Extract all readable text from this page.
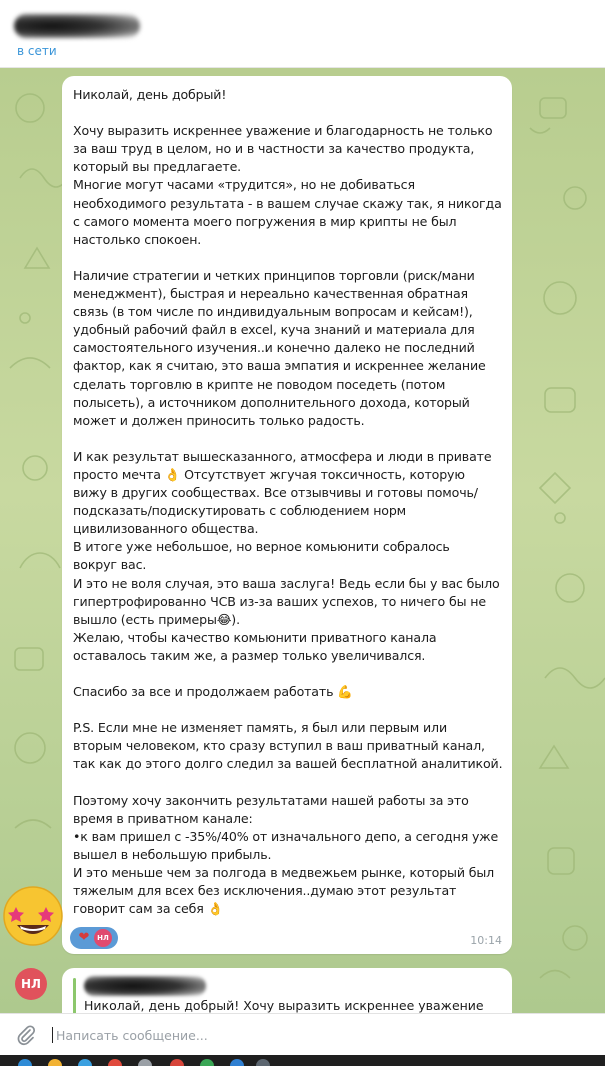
в сети
Николай, день добрый!

Хочу выразить искреннее уважение и благодарность не только
за ваш труд в целом, но и в частности за качество продукта,
который вы предлагаете.
Многие могут часами «трудится», но не добиваться
необходимого результата - в вашем случае скажу так, я никогда
с самого момента моего погружения в мир крипты не был
настолько спокоен.

Наличие стратегии и четких принципов торговли (риск/мани
менеджмент), быстрая и нереально качественная обратная
связь (в том числе по индивидуальным вопросам и кейсам!),
удобный рабочий файл в excel, куча знаний и материала для
самостоятельного изучения..и конечно далеко не последний
фактор, как я считаю, это ваша эмпатия и искреннее желание
сделать торговлю в крипте не поводом поседеть (потом
полысеть), а источником дополнительного дохода, который
может и должен приносить только радость.

И как результат вышесказанного, атмосфера и люди в привате
просто мечта 👌 Отсутствует жгучая токсичность, которую
вижу в других сообществах. Все отзывчивы и готовы помочь/
подсказать/подискутировать с соблюдением норм
цивилизованного общества.
В итоге уже небольшое, но верное комьюнити собралось
вокруг вас.
И это не воля случая, это ваша заслуга! Ведь если бы у вас было
гипертрофированно ЧСВ из-за ваших успехов, то ничего бы не
вышло (есть примеры😂).
Желаю, чтобы качество комьюнити приватного канала
оставалось таким же, а размер только увеличивался.

Спасибо за все и продолжаем работать 💪

P.S. Если мне не изменяет память, я был или первым или
вторым человеком, кто сразу вступил в ваш приватный канал,
так как до этого долго следил за вашей бесплатной аналитикой.

Поэтому хочу закончить результатами нашей работы за это
время в приватном канале:
•к вам пришел с -35%/40% от изначального депо, а сегодня уже
вышел в небольшую прибыль.
И это меньше чем за полгода в медвежьем рынке, который был
тяжелым для всех без исключения..думаю этот результат
говорит сам за себя 👌
❤	НЛ	10:14
НЛ
Николай, день добрый! Хочу выразить искреннее уважение
Написать сообщение...
